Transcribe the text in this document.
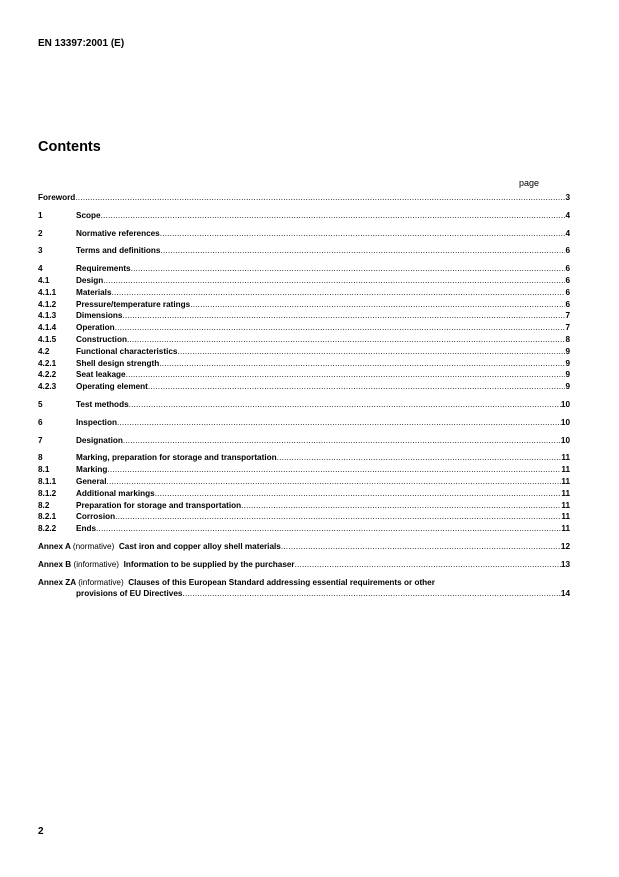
EN 13397:2001 (E)
Contents
page
Foreword .....	3
1	Scope .....	4
2	Normative references .....	4
3	Terms and definitions .....	6
4	Requirements .....	6
4.1	Design .....	6
4.1.1	Materials .....	6
4.1.2	Pressure/temperature ratings .....	6
4.1.3	Dimensions .....	7
4.1.4	Operation .....	7
4.1.5	Construction .....	8
4.2	Functional characteristics .....	9
4.2.1	Shell design strength .....	9
4.2.2	Seat leakage .....	9
4.2.3	Operating element .....	9
5	Test methods .....	10
6	Inspection .....	10
7	Designation .....	10
8	Marking, preparation for storage and transportation .....	11
8.1	Marking .....	11
8.1.1	General .....	11
8.1.2	Additional markings .....	11
8.2	Preparation for storage and transportation .....	11
8.2.1	Corrosion .....	11
8.2.2	Ends .....	11
Annex A (normative) Cast iron and copper alloy shell materials .....	12
Annex B (informative) Information to be supplied by the purchaser .....	13
Annex ZA (informative) Clauses of this European Standard addressing essential requirements or other
provisions of EU Directives .....	14
2
